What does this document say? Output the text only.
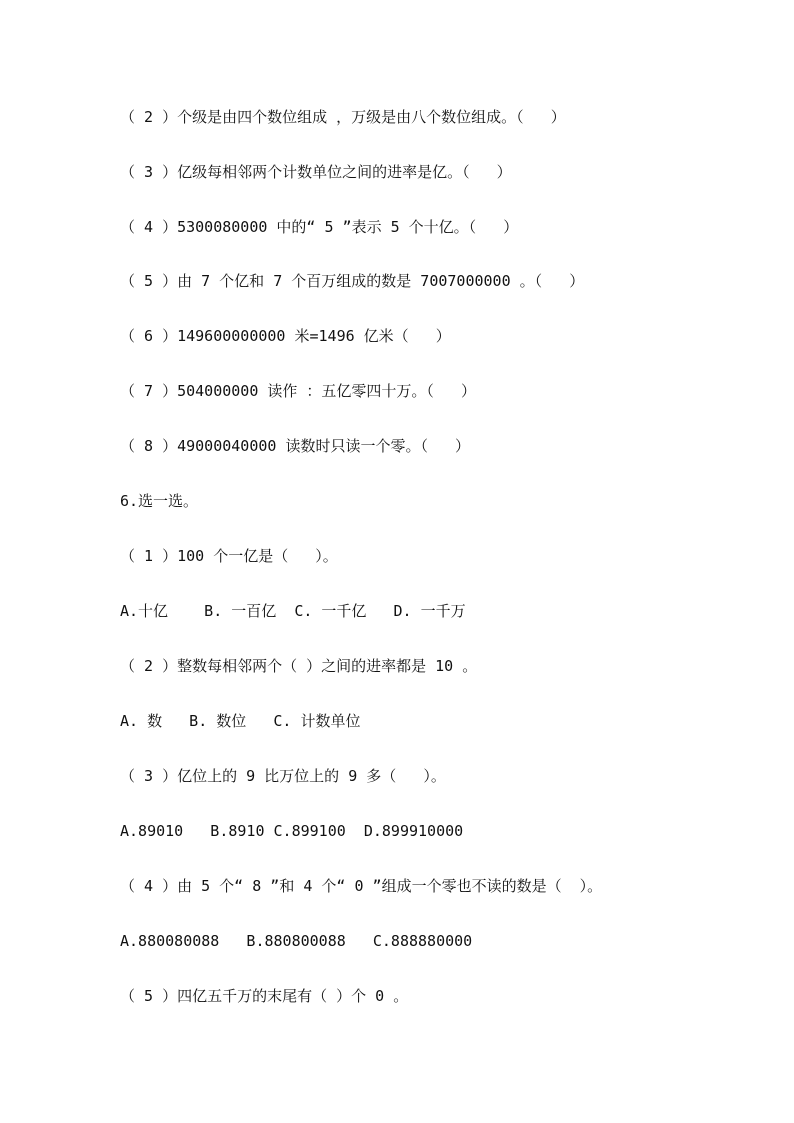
（ 2 ）个级是由四个数位组成 ，万级是由八个数位组成。（   ）
（ 3 ）亿级每相邻两个计数单位之间的进率是亿。（   ）
（ 4 ）5300080000 中的“ 5 ”表示 5 个十亿。（   ）
（ 5 ）由 7 个亿和 7 个百万组成的数是 7007000000 。（   ）
（ 6 ）149600000000 米=1496 亿米（   ）
（ 7 ）504000000 读作 ：五亿零四十万。（   ）
（ 8 ）49000040000 读数时只读一个零。（   ）
6.选一选。
（ 1 ）100 个一亿是（   ）。
A.十亿    B. 一百亿  C. 一千亿   D. 一千万
（ 2 ）整数每相邻两个（ ）之间的进率都是 10 。
A. 数   B. 数位   C. 计数单位
（ 3 ）亿位上的 9 比万位上的 9 多（   ）。
A.89010   B.8910 C.899100  D.899910000
（ 4 ）由 5 个“ 8 ”和 4 个“ 0 ”组成一个零也不读的数是（  ）。
A.880080088   B.880800088   C.888880000
（ 5 ）四亿五千万的末尾有（ ）个 0 。
